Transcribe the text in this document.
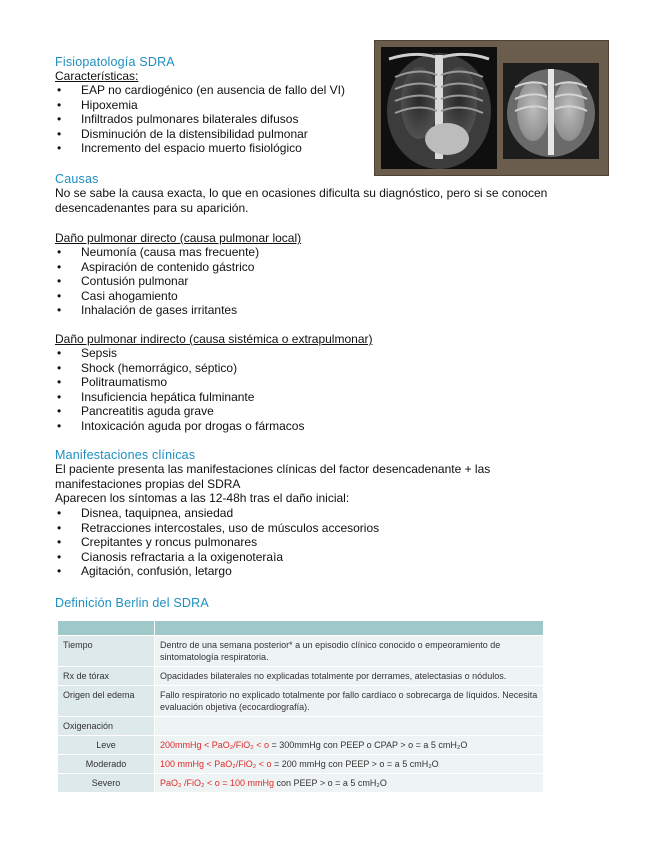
Fisiopatología SDRA
Características:
• EAP no cardiogénico (en ausencia de fallo del VI)
• Hipoxemia
• Infiltrados pulmonares bilaterales difusos
• Disminución de la distensibilidad pulmonar
• Incremento del espacio muerto fisiológico
Causas

No se sabe la causa exacta, lo que en ocasiones dificulta su diagnóstico, pero si se conocen desencadenantes para su aparición.

Daño pulmonar directo (causa pulmonar local)
• Neumonía (causa mas frecuente)
• Aspiración de contenido gástrico
• Contusión pulmonar
• Casi ahogamiento
• Inhalación de gases irritantes
Daño pulmonar indirecto (causa sistémica o extrapulmonar)
• Sepsis
• Shock (hemorrágico, séptico)
• Politraumatismo
• Insuficiencia hepática fulminante
• Pancreatitis aguda grave
• Intoxicación aguda por drogas o fármacos
Manifestaciones clínicas

El paciente presenta las manifestaciones clínicas del factor desencadenante + las manifestaciones propias del SDRA

Aparecen los síntomas a las 12-48h tras el daño inicial:

• Disnea, taquipnea, ansiedad
• Retracciones intercostales, uso de músculos accesorios
• Crepitantes y roncus pulmonares
• Cianosis refractaria a la oxigenoteraìa
• Agitación, confusión, letargo
Definición Berlin del SDRA

Tiempo	Dentro de una semana posterior* a un episodio clínico conocido o empeoramiento de sintomatología respiratoria.
Rx de tórax	Opacidades bilaterales no explicadas totalmente por derrames, atelectasias o nódulos.
Origen del edema	Fallo respiratorio no explicado totalmente por fallo cardíaco o sobrecarga de líquidos. Necesita evaluación objetiva (ecocardiografía).
Oxigenación	
Leve	200mmHg < PaO₂/FiO₂ < o = 300mmHg con PEEP o CPAP > o = a 5 cmH₂O
Moderado	100 mmHg < PaO₂/FiO₂ < o = 200 mmHg con PEEP > o = a 5 cmH₂O
Severo	PaO₂ /FiO₂ < o = 100 mmHg con PEEP > o = a 5 cmH₂O
